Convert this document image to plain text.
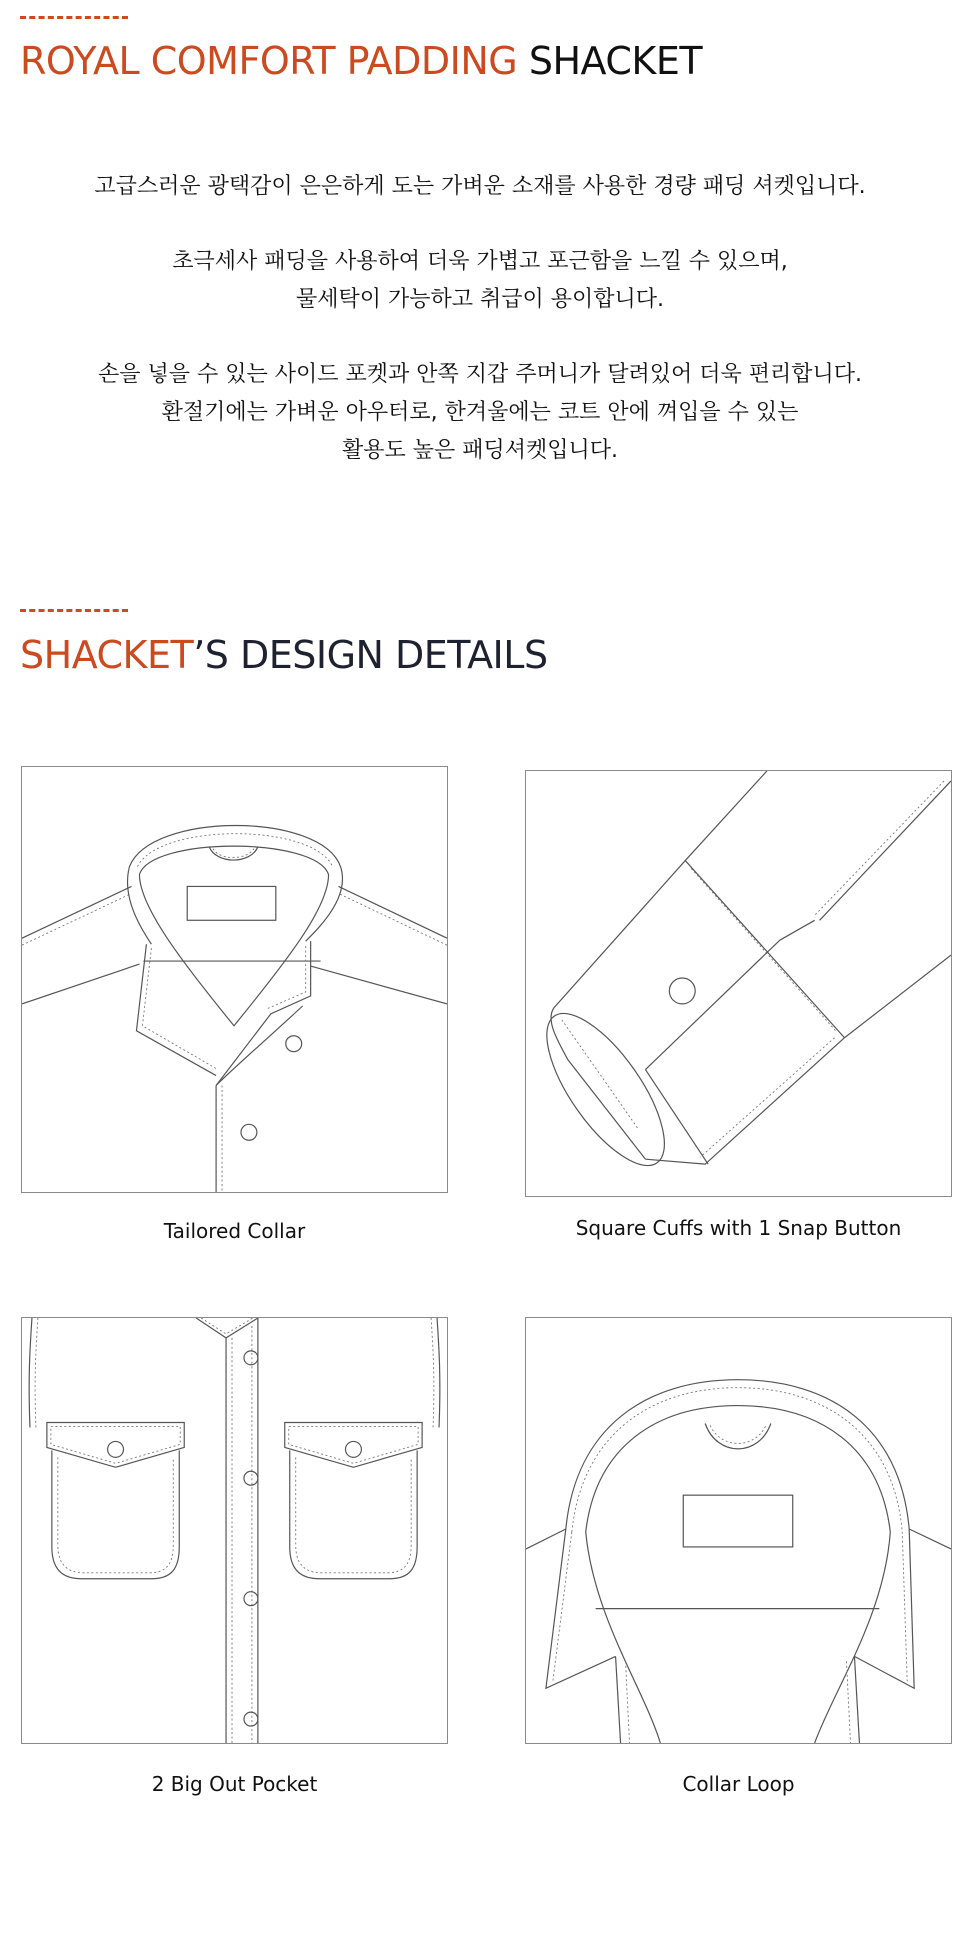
ROYAL COMFORT PADDING SHACKET

고급스러운 광택감이 은은하게 도는 가벼운 소재를 사용한 경량 패딩 셔켓입니다.

초극세사 패딩을 사용하여 더욱 가볍고 포근함을 느낄 수 있으며,
물세탁이 가능하고 취급이 용이합니다.

손을 넣을 수 있는 사이드 포켓과 안쪽 지갑 주머니가 달려있어 더욱 편리합니다.
환절기에는 가벼운 아우터로, 한겨울에는 코트 안에 껴입을 수 있는
활용도 높은 패딩셔켓입니다.

SHACKET’S DESIGN DETAILS
Tailored Collar	Square Cuffs with 1 Snap Button
2 Big Out Pocket	Collar Loop
